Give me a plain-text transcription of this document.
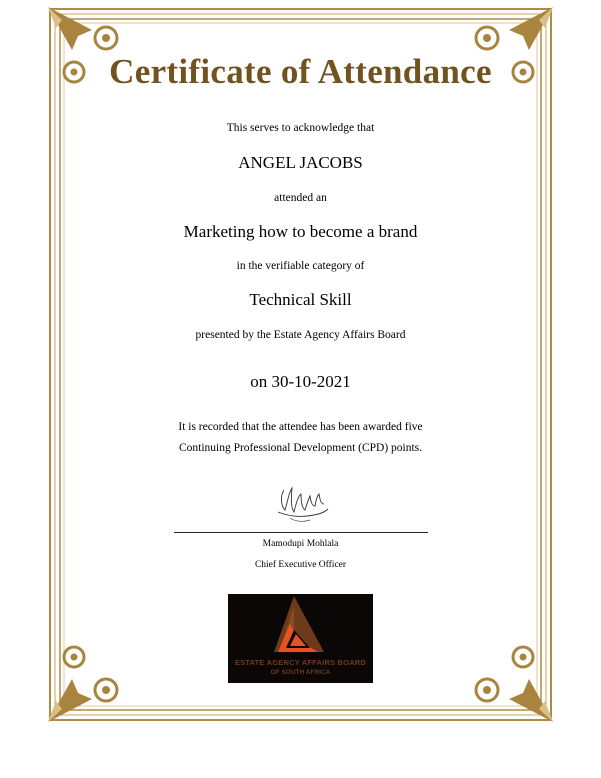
Certificate of Attendance
This serves to acknowledge that
ANGEL JACOBS
attended an
Marketing how to become a brand
in the verifiable category of
Technical Skill
presented by the Estate Agency Affairs Board
on 30-10-2021
It is recorded that the attendee has been awarded five
Continuing Professional Development (CPD) points.
Mamodupi Mohlala
Chief Executive Officer
ESTATE AGENCY AFFAIRS BOARD
OF SOUTH AFRICA
